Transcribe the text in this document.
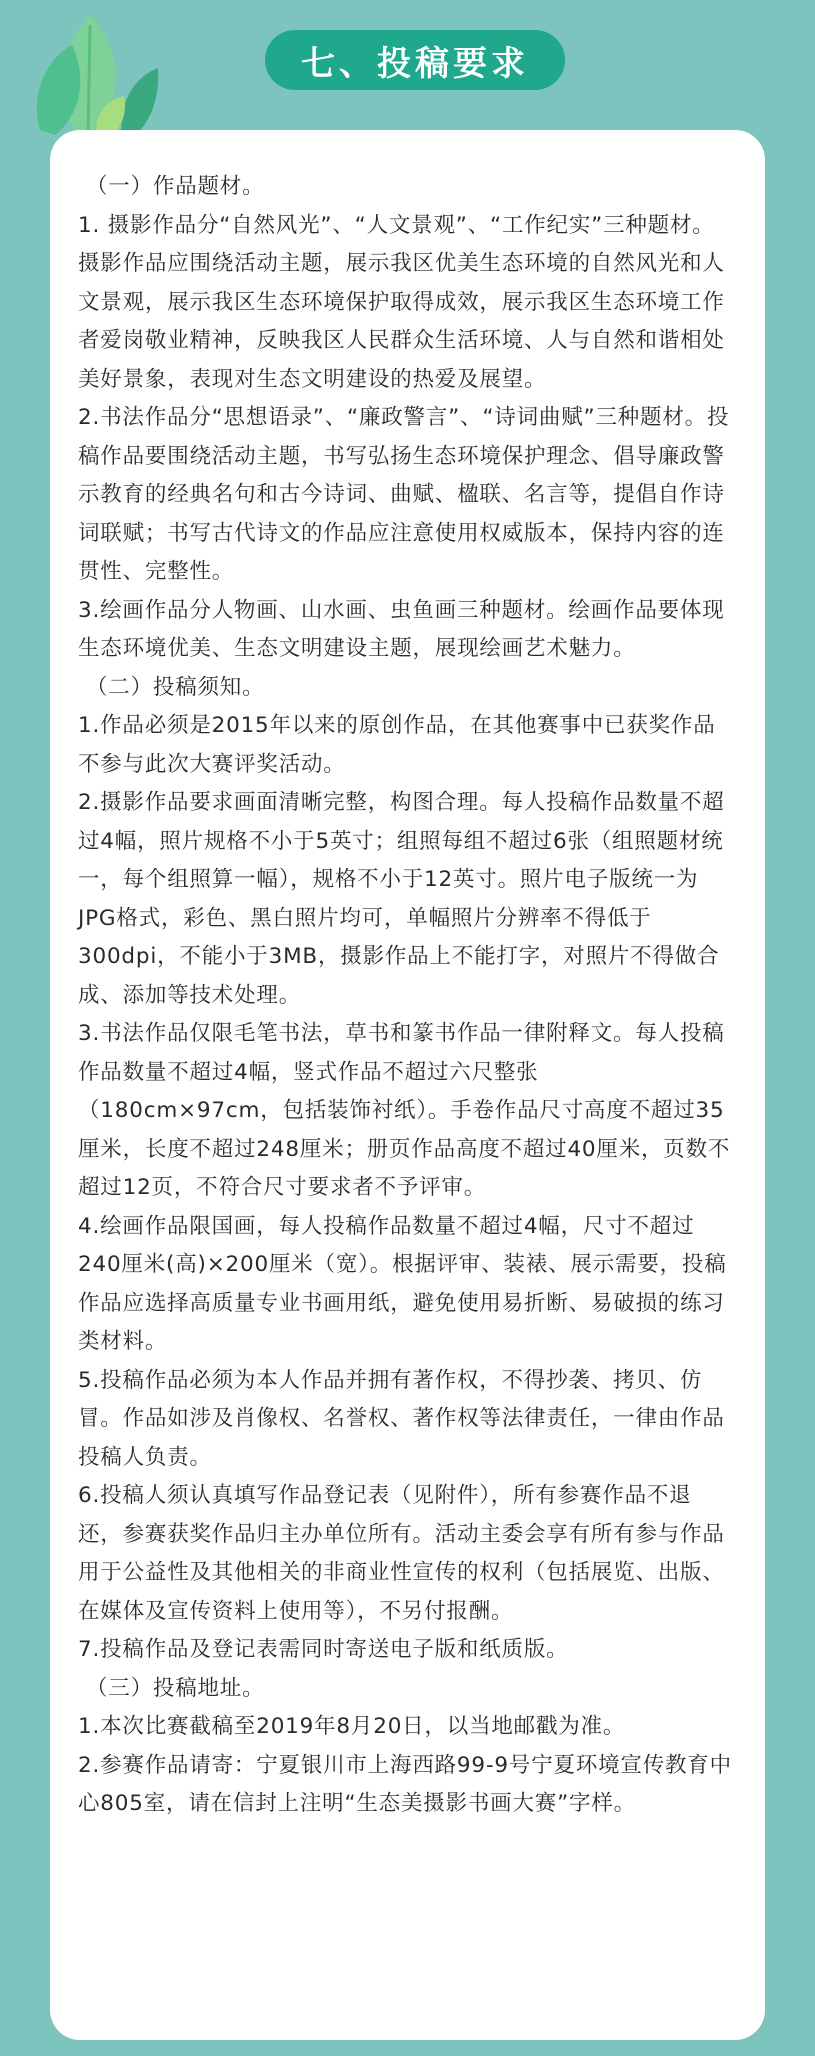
七、投稿要求

（一）作品题材。

1. 摄影作品分“自然风光”、“人文景观”、“工作纪实”三种题材。摄影作品应围绕活动主题，展示我区优美生态环境的自然风光和人文景观，展示我区生态环境保护取得成效，展示我区生态环境工作者爱岗敬业精神，反映我区人民群众生活环境、人与自然和谐相处美好景象，表现对生态文明建设的热爱及展望。

2.书法作品分“思想语录”、“廉政警言”、“诗词曲赋”三种题材。投稿作品要围绕活动主题，书写弘扬生态环境保护理念、倡导廉政警示教育的经典名句和古今诗词、曲赋、楹联、名言等，提倡自作诗词联赋；书写古代诗文的作品应注意使用权威版本，保持内容的连贯性、完整性。

3.绘画作品分人物画、山水画、虫鱼画三种题材。绘画作品要体现生态环境优美、生态文明建设主题，展现绘画艺术魅力。

（二）投稿须知。

1.作品必须是2015年以来的原创作品，在其他赛事中已获奖作品不参与此次大赛评奖活动。

2.摄影作品要求画面清晰完整，构图合理。每人投稿作品数量不超过4幅，照片规格不小于5英寸；组照每组不超过6张（组照题材统一，每个组照算一幅），规格不小于12英寸。照片电子版统一为JPG格式，彩色、黑白照片均可，单幅照片分辨率不得低于300dpi，不能小于3MB，摄影作品上不能打字，对照片不得做合成、添加等技术处理。

3.书法作品仅限毛笔书法，草书和篆书作品一律附释文。每人投稿作品数量不超过4幅，竖式作品不超过六尺整张（180cm×97cm，包括装饰衬纸）。手卷作品尺寸高度不超过35厘米，长度不超过248厘米；册页作品高度不超过40厘米，页数不超过12页，不符合尺寸要求者不予评审。

4.绘画作品限国画，每人投稿作品数量不超过4幅，尺寸不超过240厘米(高)×200厘米（宽）。根据评审、装裱、展示需要，投稿作品应选择高质量专业书画用纸，避免使用易折断、易破损的练习类材料。

5.投稿作品必须为本人作品并拥有著作权，不得抄袭、拷贝、仿冒。作品如涉及肖像权、名誉权、著作权等法律责任，一律由作品投稿人负责。

6.投稿人须认真填写作品登记表（见附件），所有参赛作品不退还，参赛获奖作品归主办单位所有。活动主委会享有所有参与作品用于公益性及其他相关的非商业性宣传的权利（包括展览、出版、在媒体及宣传资料上使用等），不另付报酬。

7.投稿作品及登记表需同时寄送电子版和纸质版。

（三）投稿地址。

1.本次比赛截稿至2019年8月20日，以当地邮戳为准。

2.参赛作品请寄：宁夏银川市上海西路99-9号宁夏环境宣传教育中心805室，请在信封上注明“生态美摄影书画大赛”字样。
